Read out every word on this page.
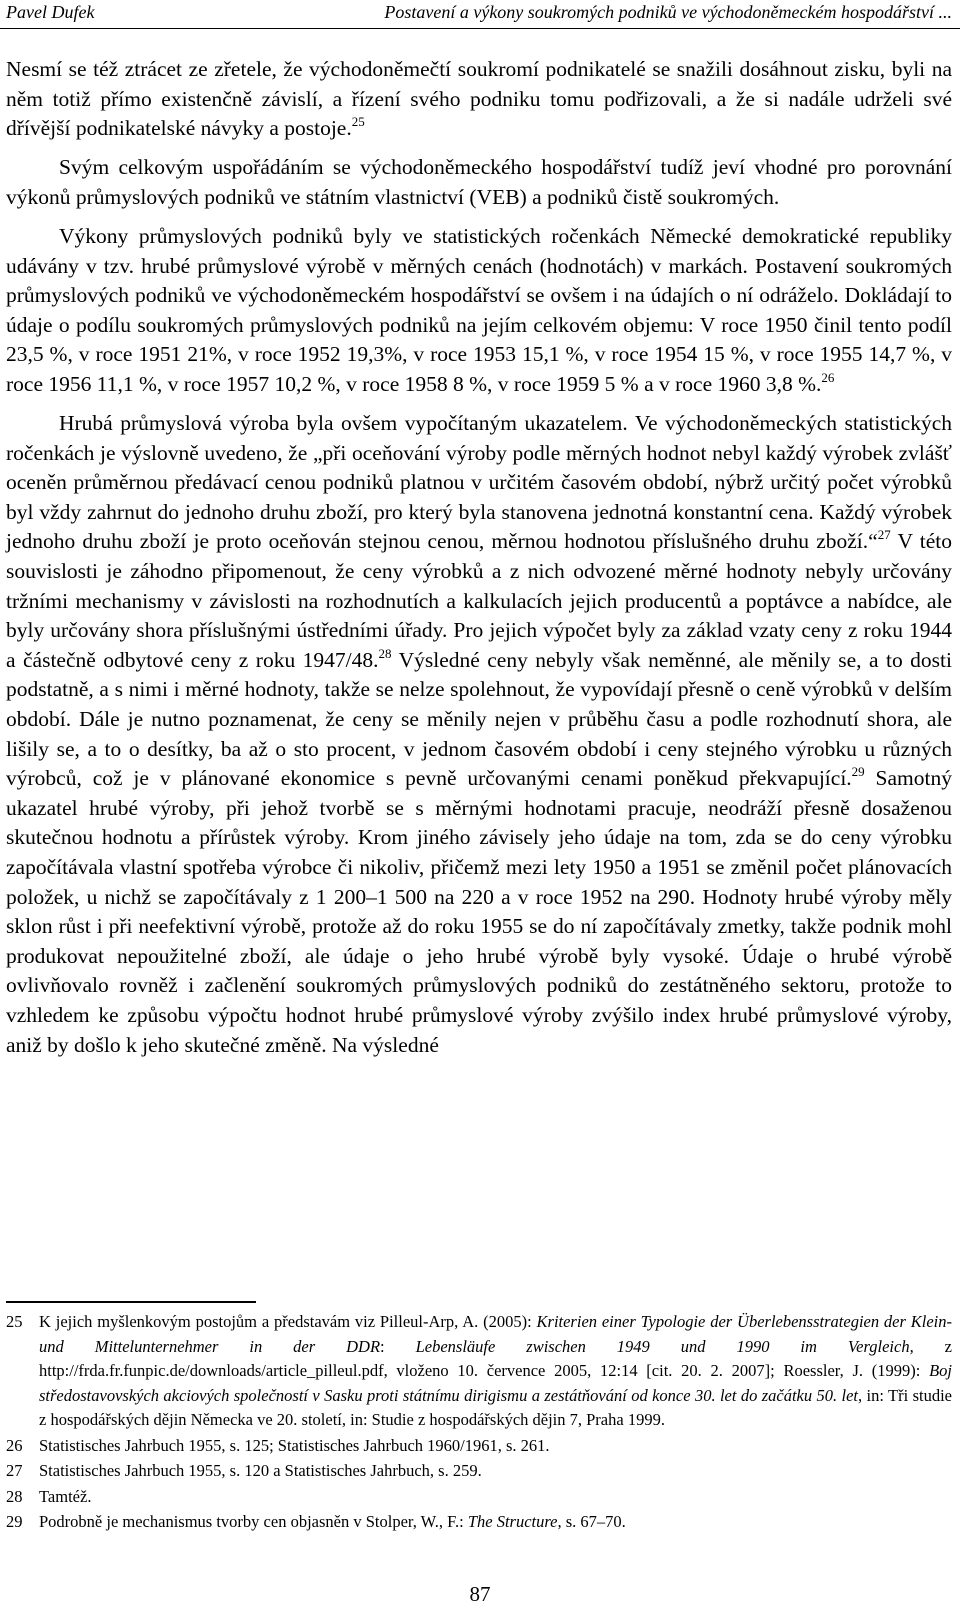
Pavel Dufek	Postavení a výkony soukromých podniků ve východoněmeckém hospodářství ...

Nesmí se též ztrácet ze zřetele, že východoněmečtí soukromí podnikatelé se snažili dosáhnout zisku, byli na něm totiž přímo existenčně závislí, a řízení svého podniku tomu podřizovali, a že si nadále udrželi své dřívější podnikatelské návyky a postoje.$^{25}$

Svým celkovým uspořádáním se východoněmeckého hospodářství tudíž jeví vhodné pro porovnání výkonů průmyslových podniků ve státním vlastnictví (VEB) a podniků čistě soukromých.

Výkony průmyslových podniků byly ve statistických ročenkách Německé demokratické republiky udávány v tzv. hrubé průmyslové výrobě v měrných cenách (hodnotách) v markách. Postavení soukromých průmyslových podniků ve východoněmeckém hospodářství se ovšem i na údajích o ní odráželo. Dokládají to údaje o podílu soukromých průmyslových podniků na jejím celkovém objemu: V roce 1950 činil tento podíl 23,5 %, v roce 1951 21%, v roce 1952 19,3%, v roce 1953 15,1 %, v roce 1954 15 %, v roce 1955 14,7 %, v roce 1956 11,1 %, v roce 1957 10,2 %, v roce 1958 8 %, v roce 1959 5 % a v roce 1960 3,8 %.$^{26}$

Hrubá průmyslová výroba byla ovšem vypočítaným ukazatelem. Ve východoněmeckých statistických ročenkách je výslovně uvedeno, že „při oceňování výroby podle měrných hodnot nebyl každý výrobek zvlášť oceněn průměrnou předávací cenou podniků platnou v určitém časovém období, nýbrž určitý počet výrobků byl vždy zahrnut do jednoho druhu zboží, pro který byla stanovena jednotná konstantní cena. Každý výrobek jednoho druhu zboží je proto oceňován stejnou cenou, měrnou hodnotou příslušného druhu zboží.“$^{27}$ V této souvislosti je záhodno připomenout, že ceny výrobků a z nich odvozené měrné hodnoty nebyly určovány tržními mechanismy v závislosti na rozhodnutích a kalkulacích jejich producentů a poptávce a nabídce, ale byly určovány shora příslušnými ústředními úřady. Pro jejich výpočet byly za základ vzaty ceny z roku 1944 a částečně odbytové ceny z roku 1947/48.28 Výsledné ceny nebyly však neměnné, ale měnily se, a to dosti podstatně, a s nimi i měrné hodnoty, takže se nelze spolehnout, že vypovídají přesně o ceně výrobků v delším období. Dále je nutno poznamenat, že ceny se měnily nejen v průběhu času a podle rozhodnutí shora, ale lišily se, a to o desítky, ba až o sto procent, v jednom časovém období i ceny stejného výrobku u různých výrobců, což je v plánované ekonomice s pevně určovanými cenami poněkud překvapující.$^{29}$ Samotný ukazatel hrubé výroby, při jehož tvorbě se s měrnými hodnotami pracuje, neodráží přesně dosaženou skutečnou hodnotu a přírůstek výroby. Krom jiného závisely jeho údaje na tom, zda se do ceny výrobku započítávala vlastní spotřeba výrobce či nikoliv, přičemž mezi lety 1950 a 1951 se změnil počet plánovacích položek, u nichž se započítávaly z 1 200–1 500 na 220 a v roce 1952 na 290. Hodnoty hrubé výroby měly sklon růst i při neefektivní výrobě, protože až do roku 1955 se do ní započítávaly zmetky, takže podnik mohl produkovat nepoužitelné zboží, ale údaje o jeho hrubé výrobě byly vysoké. Údaje o hrubé výrobě ovlivňovalo rovněž i začlenění soukromých průmyslových podniků do zestátněného sektoru, protože to vzhledem ke způsobu výpočtu hodnot hrubé průmyslové výroby zvýšilo index hrubé průmyslové výroby, aniž by došlo k jeho skutečné změně. Na výsledné

25	K jejich myšlenkovým postojům a představám viz Pilleul-Arp, A. (2005): Kriterien einer Typologie der Überlebensstrategien der Klein- und Mittelunternehmer in der DDR: Lebensläufe zwischen 1949 und 1990 im Vergleich, z http://frda.fr.funpic.de/downloads/article_pilleul.pdf, vloženo 10. července 2005, 12:14 [cit. 20. 2. 2007]; Roessler, J. (1999): Boj středostavovských akciových společností v Sasku proti státnímu dirigismu a zestátňování od konce 30. let do začátku 50. let, in: Tři studie z hospodářských dějin Německa ve 20. století, in: Studie z hospodářských dějin 7, Praha 1999.
26	Statistisches Jahrbuch 1955, s. 125; Statistisches Jahrbuch 1960/1961, s. 261.
27	Statistisches Jahrbuch 1955, s. 120 a Statistisches Jahrbuch, s. 259.
28	Tamtéž.
29	Podrobně je mechanismus tvorby cen objasněn v Stolper, W., F.: The Structure, s. 67–70.
87
